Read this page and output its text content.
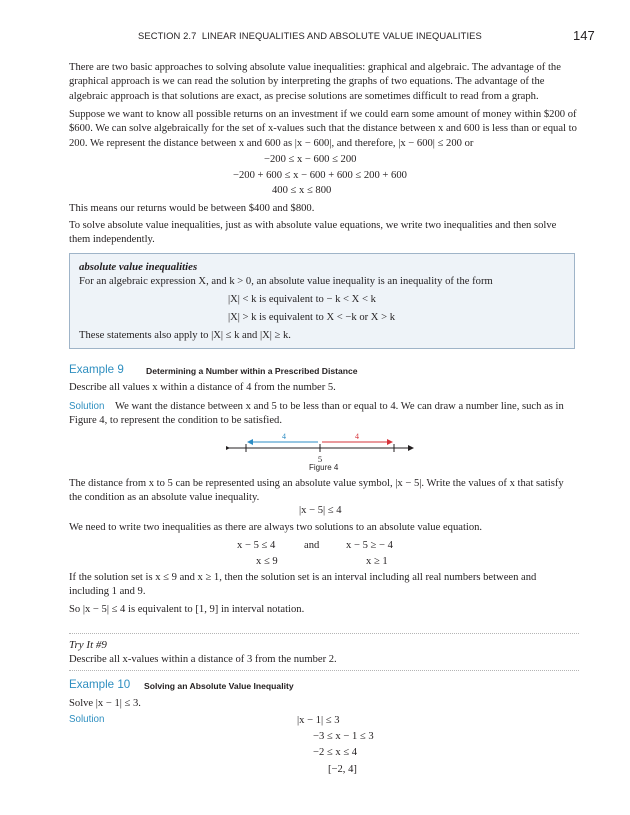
SECTION 2.7 LINEAR INEQUALITIES AND ABSOLUTE VALUE INEQUALITIES	147

There are two basic approaches to solving absolute value inequalities: graphical and algebraic. The advantage of the graphical approach is we can read the solution by interpreting the graphs of two equations. The advantage of the algebraic approach is that solutions are exact, as precise solutions are sometimes difficult to read from a graph.

Suppose we want to know all possible returns on an investment if we could earn some amount of money within $200 of $600. We can solve algebraically for the set of x-values such that the distance between x and 600 is less than or equal to 200. We represent the distance between x and 600 as |x − 600|, and therefore, |x − 600| ≤ 200 or

−200 ≤ x − 600 ≤ 200
−200 + 600 ≤ x − 600 + 600 ≤ 200 + 600
400 ≤ x ≤ 800

This means our returns would be between $400 and $800.

To solve absolute value inequalities, just as with absolute value equations, we write two inequalities and then solve them independently.

absolute value inequalities
For an algebraic expression X, and k > 0, an absolute value inequality is an inequality of the form
|X| < k is equivalent to − k < X < k
|X| > k is equivalent to X < −k or X > k
These statements also apply to |X| ≤ k and |X| ≥ k.
Example 9	Determining a Number within a Prescribed Distance

Describe all values x within a distance of 4 from the number 5.

We want the distance between x and 5 to be less than or equal to 4. We can draw a number line, such as in Figure 4, to represent the condition to be satisfied.

Solution
4	4
5
Figure 4

The distance from x to 5 can be represented using an absolute value symbol, |x − 5|. Write the values of x that satisfy the condition as an absolute value inequality.

|x − 5| ≤ 4

We need to write two inequalities as there are always two solutions to an absolute value equation.

x − 5 ≤ 4	and	x − 5 ≥ − 4
x ≤ 9	x ≥ 1

If the solution set is x ≤ 9 and x ≥ 1, then the solution set is an interval including all real numbers between and including 1 and 9.

So |x − 5| ≤ 4 is equivalent to [1, 9] in interval notation.

Try It #9

Describe all x-values within a distance of 3 from the number 2.

Example 10 Solving an Absolute Value Inequality

Solve |x − 1| ≤ 3.

Solution	|x − 1| ≤ 3
−3 ≤ x − 1 ≤ 3
−2 ≤ x ≤ 4
[−2, 4]
